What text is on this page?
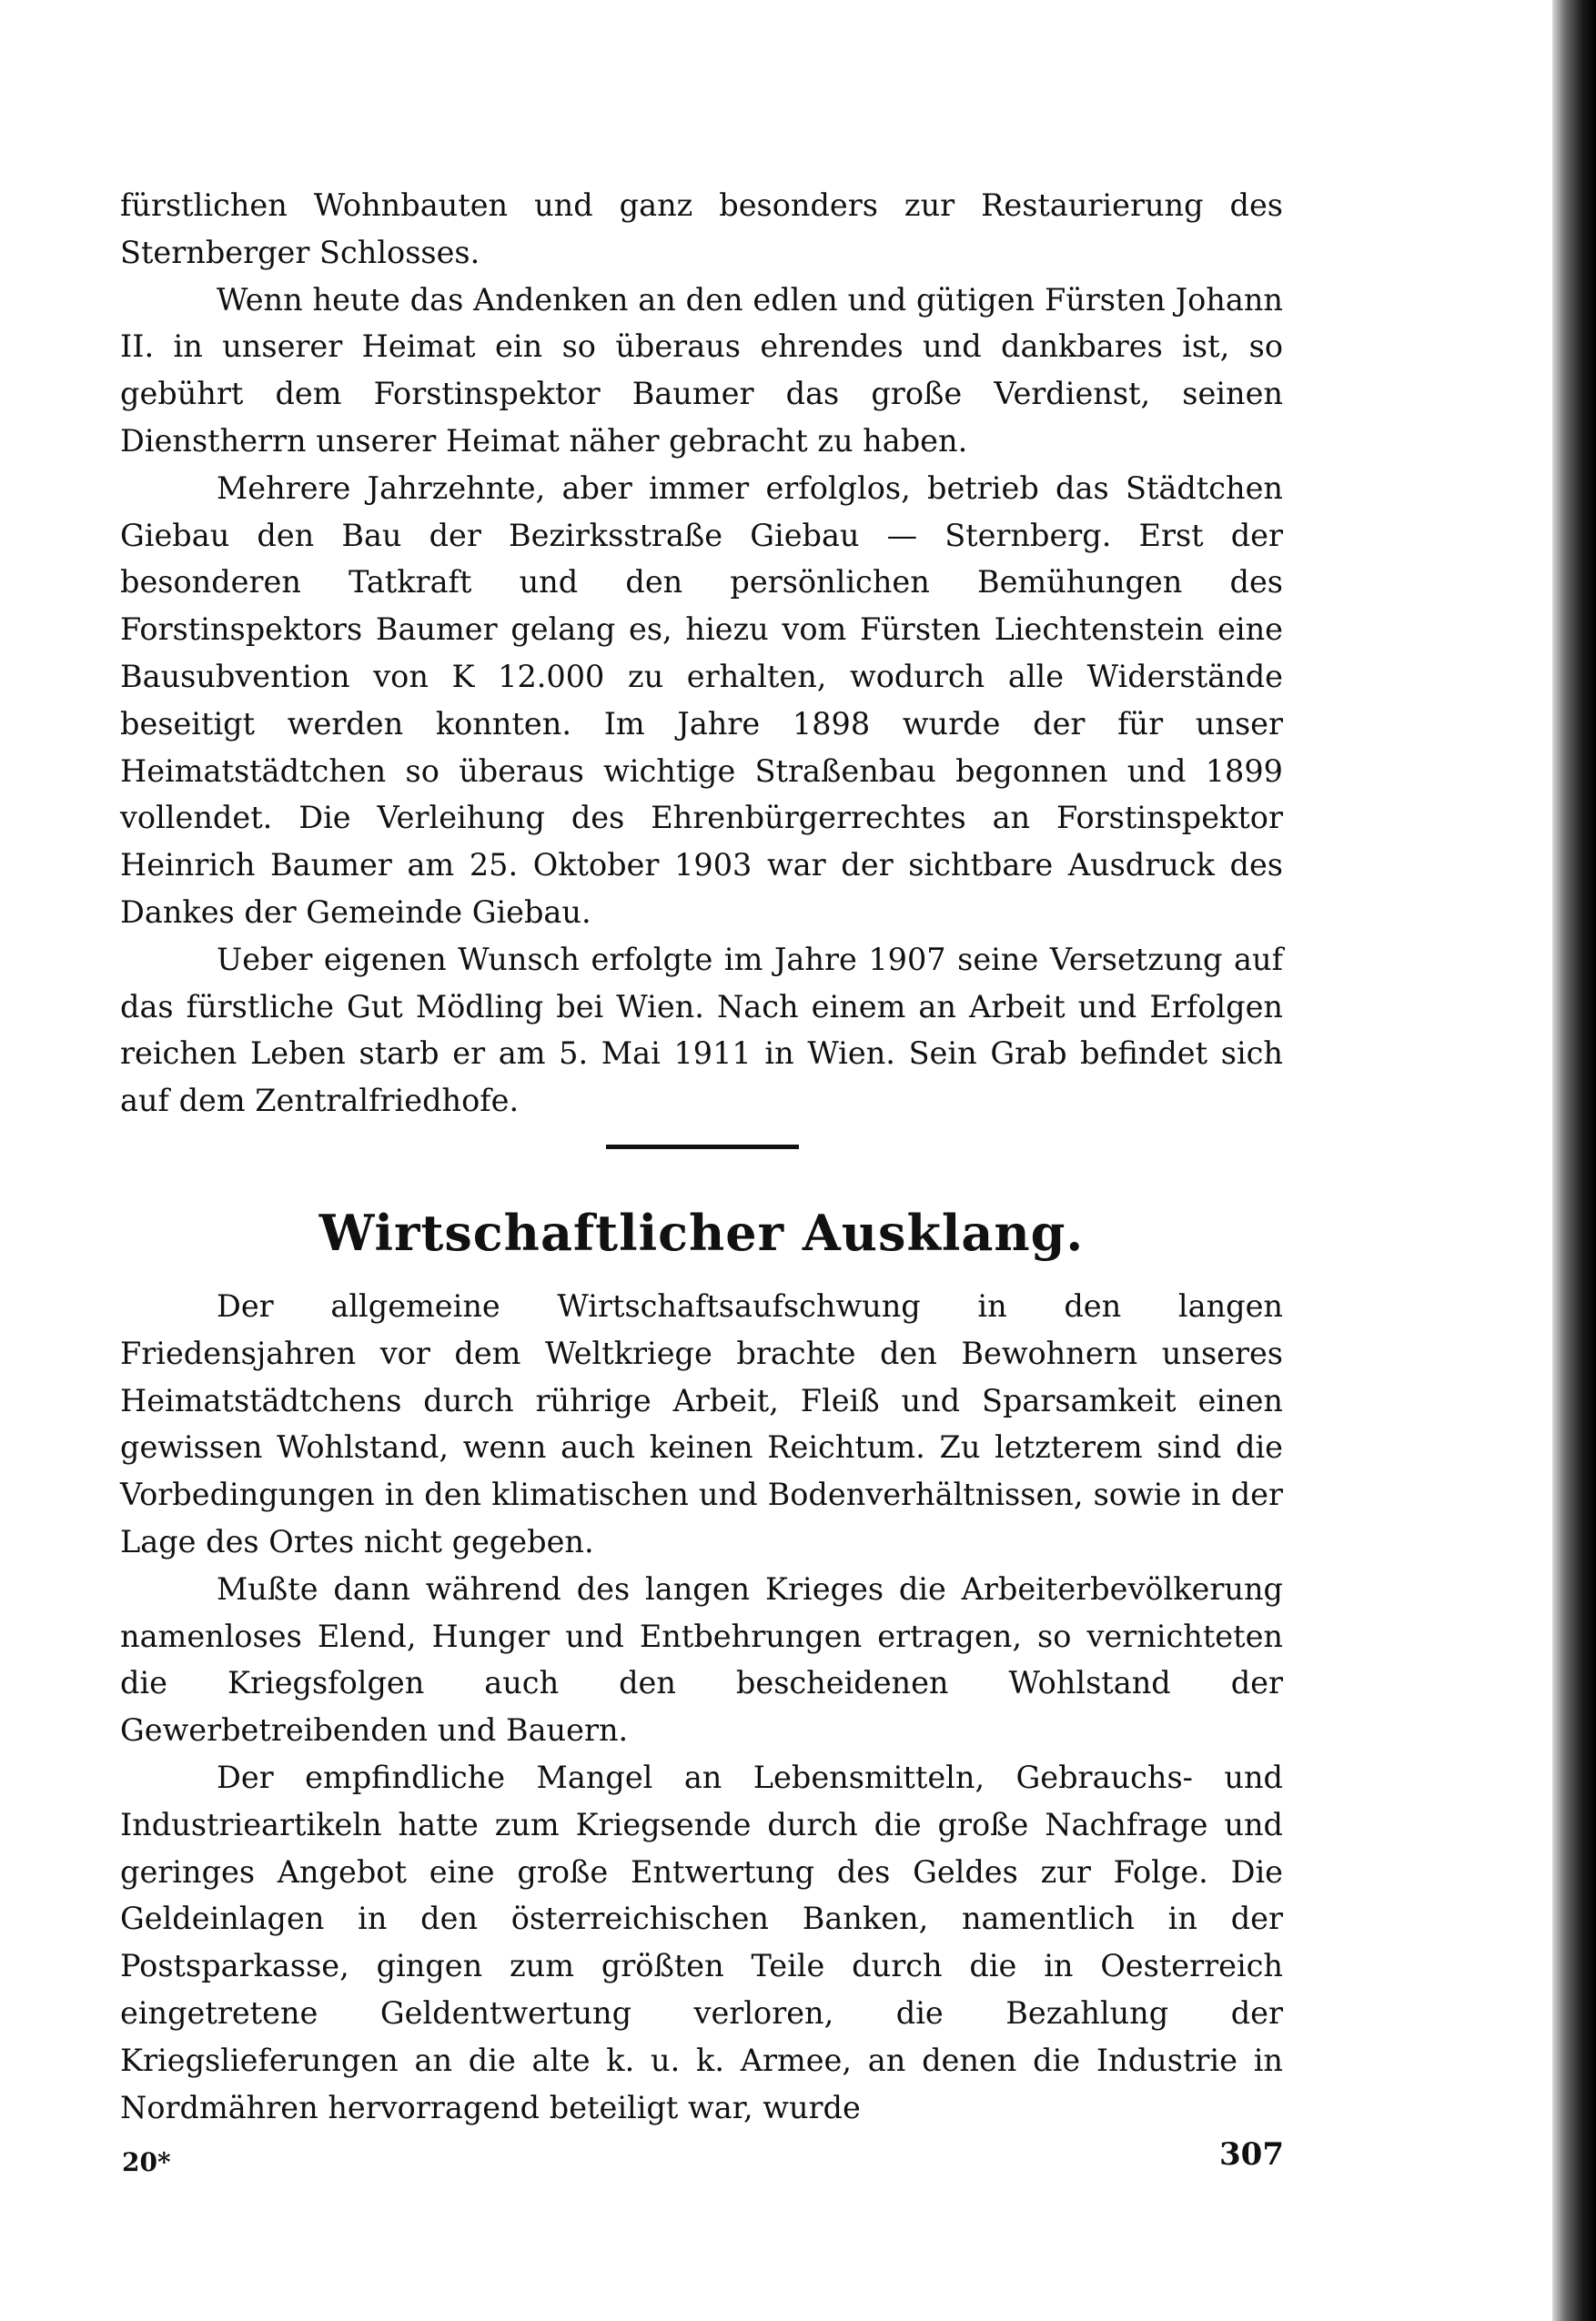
fürstlichen Wohnbauten und ganz besonders zur Restaurierung des Sternberger Schlosses.

Wenn heute das Andenken an den edlen und gütigen Fürsten Johann II. in unserer Heimat ein so überaus ehrendes und dankbares ist, so gebührt dem Forstinspektor Baumer das große Verdienst, seinen Dienstherrn unserer Heimat näher gebracht zu haben.

Mehrere Jahrzehnte, aber immer erfolglos, betrieb das Städtchen Giebau den Bau der Bezirksstraße Giebau — Sternberg. Erst der besonderen Tatkraft und den persönlichen Bemühungen des Forstinspektors Baumer gelang es, hiezu vom Fürsten Liechtenstein eine Bausubvention von K 12.000 zu erhalten, wodurch alle Widerstände beseitigt werden konnten. Im Jahre 1898 wurde der für unser Heimatstädtchen so überaus wichtige Straßenbau begonnen und 1899 vollendet. Die Verleihung des Ehrenbürgerrechtes an Forstinspektor Heinrich Baumer am 25. Oktober 1903 war der sichtbare Ausdruck des Dankes der Gemeinde Giebau.

Ueber eigenen Wunsch erfolgte im Jahre 1907 seine Versetzung auf das fürstliche Gut Mödling bei Wien. Nach einem an Arbeit und Erfolgen reichen Leben starb er am 5. Mai 1911 in Wien. Sein Grab befindet sich auf dem Zentralfriedhofe.

Wirtschaftlicher Ausklang.

Der allgemeine Wirtschaftsaufschwung in den langen Friedensjahren vor dem Weltkriege brachte den Bewohnern unseres Heimatstädtchens durch rührige Arbeit, Fleiß und Sparsamkeit einen gewissen Wohlstand, wenn auch keinen Reichtum. Zu letzterem sind die Vorbedingungen in den klimatischen und Bodenverhältnissen, sowie in der Lage des Ortes nicht gegeben.

Mußte dann während des langen Krieges die Arbeiterbevölkerung namenloses Elend, Hunger und Entbehrungen ertragen, so vernichteten die Kriegsfolgen auch den bescheidenen Wohlstand der Gewerbetreibenden und Bauern.

Der empfindliche Mangel an Lebensmitteln, Gebrauchs- und Industrieartikeln hatte zum Kriegsende durch die große Nachfrage und geringes Angebot eine große Entwertung des Geldes zur Folge. Die Geldeinlagen in den österreichischen Banken, namentlich in der Postsparkasse, gingen zum größten Teile durch die in Oesterreich eingetretene Geldentwertung verloren, die Bezahlung der Kriegslieferungen an die alte k. u. k. Armee, an denen die Industrie in Nordmähren hervorragend beteiligt war, wurde

20*	307
